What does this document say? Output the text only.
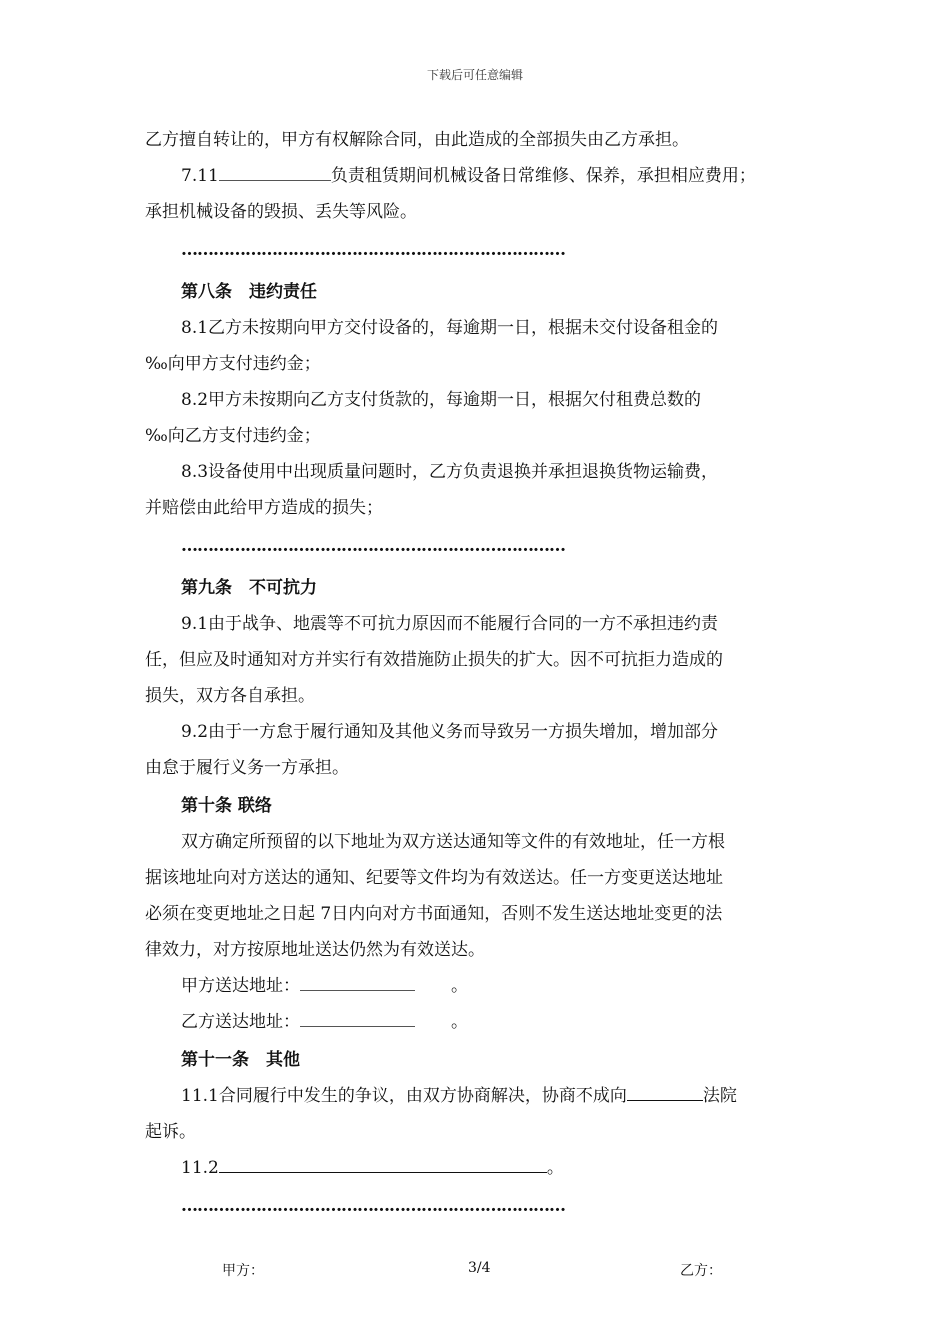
下载后可任意编辑

乙方擅自转让的，甲方有权解除合同，由此造成的全部损失由乙方承担。

7.11	负责租赁期间机械设备日常维修、保养，承担相应费用；

承担机械设备的毁损、丢失等风险。

………………………………………………………………

第八条　违约责任

8.1乙方未按期向甲方交付设备的，每逾期一日，根据未交付设备租金的

‰向甲方支付违约金；

8.2甲方未按期向乙方支付货款的，每逾期一日，根据欠付租费总数的

‰向乙方支付违约金；

8.3设备使用中出现质量问题时，乙方负责退换并承担退换货物运输费，

并赔偿由此给甲方造成的损失；

………………………………………………………………

第九条　不可抗力

9.1由于战争、地震等不可抗力原因而不能履行合同的一方不承担违约责

任，但应及时通知对方并实行有效措施防止损失的扩大。因不可抗拒力造成的

损失，双方各自承担。

9.2由于一方怠于履行通知及其他义务而导致另一方损失增加，增加部分

由怠于履行义务一方承担。

第十条 联络

双方确定所预留的以下地址为双方送达通知等文件的有效地址，任一方根

据该地址向对方送达的通知、纪要等文件均为有效送达。任一方变更送达地址

必须在变更地址之日起 7日内向对方书面通知，否则不发生送达地址变更的法

律效力，对方按原地址送达仍然为有效送达。

甲方送达地址：	。

乙方送达地址：	。

第十一条　其他

11.1合同履行中发生的争议，由双方协商解决，协商不成向	法院

起诉。

11.2	。

………………………………………………………………

甲方：	3/4	乙方：
